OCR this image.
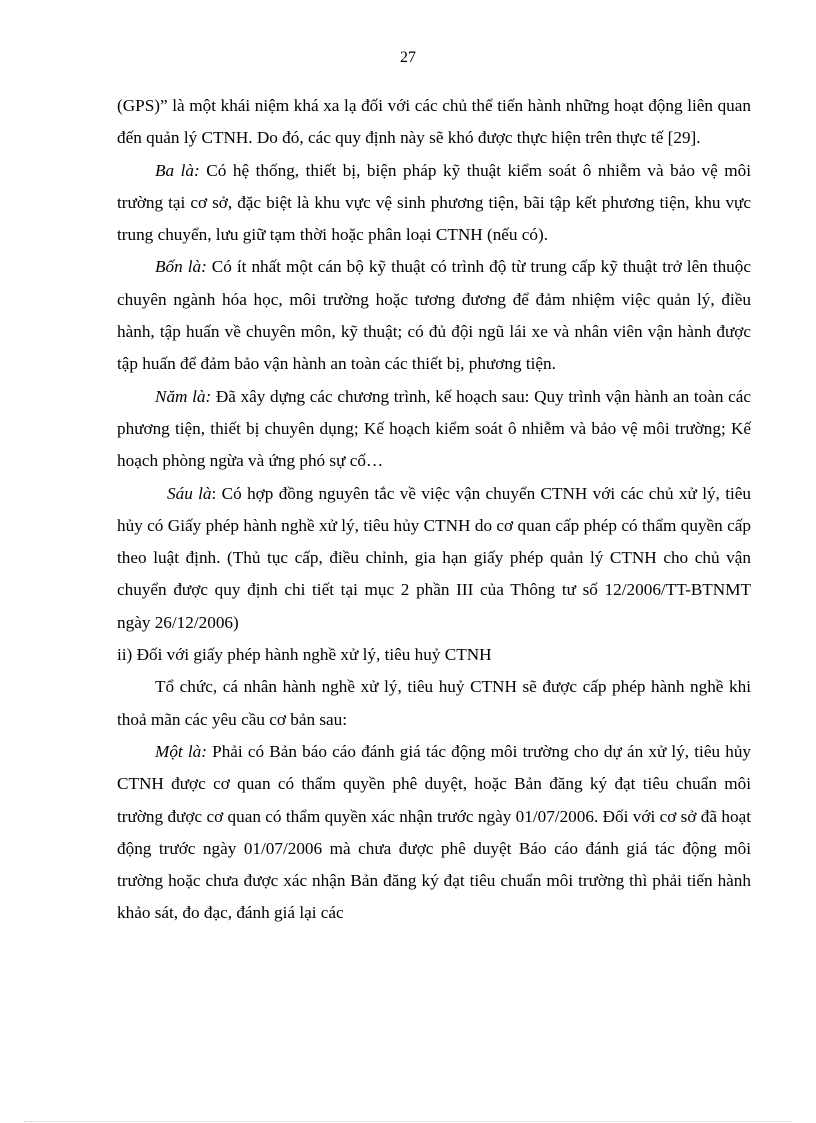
27

(GPS)” là một khái niệm khá xa lạ đối với các chủ thể tiến hành những hoạt động liên quan đến quản lý CTNH. Do đó, các quy định này sẽ khó được thực hiện trên thực tế [29].

Ba là: Có hệ thống, thiết bị, biện pháp kỹ thuật kiểm soát ô nhiễm và bảo vệ môi trường tại cơ sở, đặc biệt là khu vực vệ sinh phương tiện, bãi tập kết phương tiện, khu vực trung chuyển, lưu giữ tạm thời hoặc phân loại CTNH (nếu có).

Bốn là: Có ít nhất một cán bộ kỹ thuật có trình độ từ trung cấp kỹ thuật trở lên thuộc chuyên ngành hóa học, môi trường hoặc tương đương để đảm nhiệm việc quản lý, điều hành, tập huấn về chuyên môn, kỹ thuật; có đủ đội ngũ lái xe và nhân viên vận hành được tập huấn để đảm bảo vận hành an toàn các thiết bị, phương tiện.

Năm là: Đã xây dựng các chương trình, kế hoạch sau: Quy trình vận hành an toàn các phương tiện, thiết bị chuyên dụng; Kế hoạch kiểm soát ô nhiễm và bảo vệ môi trường; Kế hoạch phòng ngừa và ứng phó sự cố…

Sáu là: Có hợp đồng nguyên tắc về việc vận chuyển CTNH với các chủ xử lý, tiêu hủy có Giấy phép hành nghề xử lý, tiêu hủy CTNH do cơ quan cấp phép có thẩm quyền cấp theo luật định. (Thủ tục cấp, điều chỉnh, gia hạn giấy phép quản lý CTNH cho chủ vận chuyển được quy định chi tiết tại mục 2 phần III của Thông tư số 12/2006/TT-BTNMT ngày 26/12/2006)

ii) Đối với giấy phép hành nghề xử lý, tiêu huỷ CTNH

Tổ chức, cá nhân hành nghề xử lý, tiêu huỷ CTNH sẽ được cấp phép hành nghề khi thoả mãn các yêu cầu cơ bản sau:

Một là: Phải có Bản báo cáo đánh giá tác động môi trường cho dự án xử lý, tiêu hủy CTNH được cơ quan có thẩm quyền phê duyệt, hoặc Bản đăng ký đạt tiêu chuẩn môi trường được cơ quan có thẩm quyền xác nhận trước ngày 01/07/2006. Đối với cơ sở đã hoạt động trước ngày 01/07/2006 mà chưa được phê duyệt Báo cáo đánh giá tác động môi trường hoặc chưa được xác nhận Bản đăng ký đạt tiêu chuẩn môi trường thì phải tiến hành khảo sát, đo đạc, đánh giá lại các
